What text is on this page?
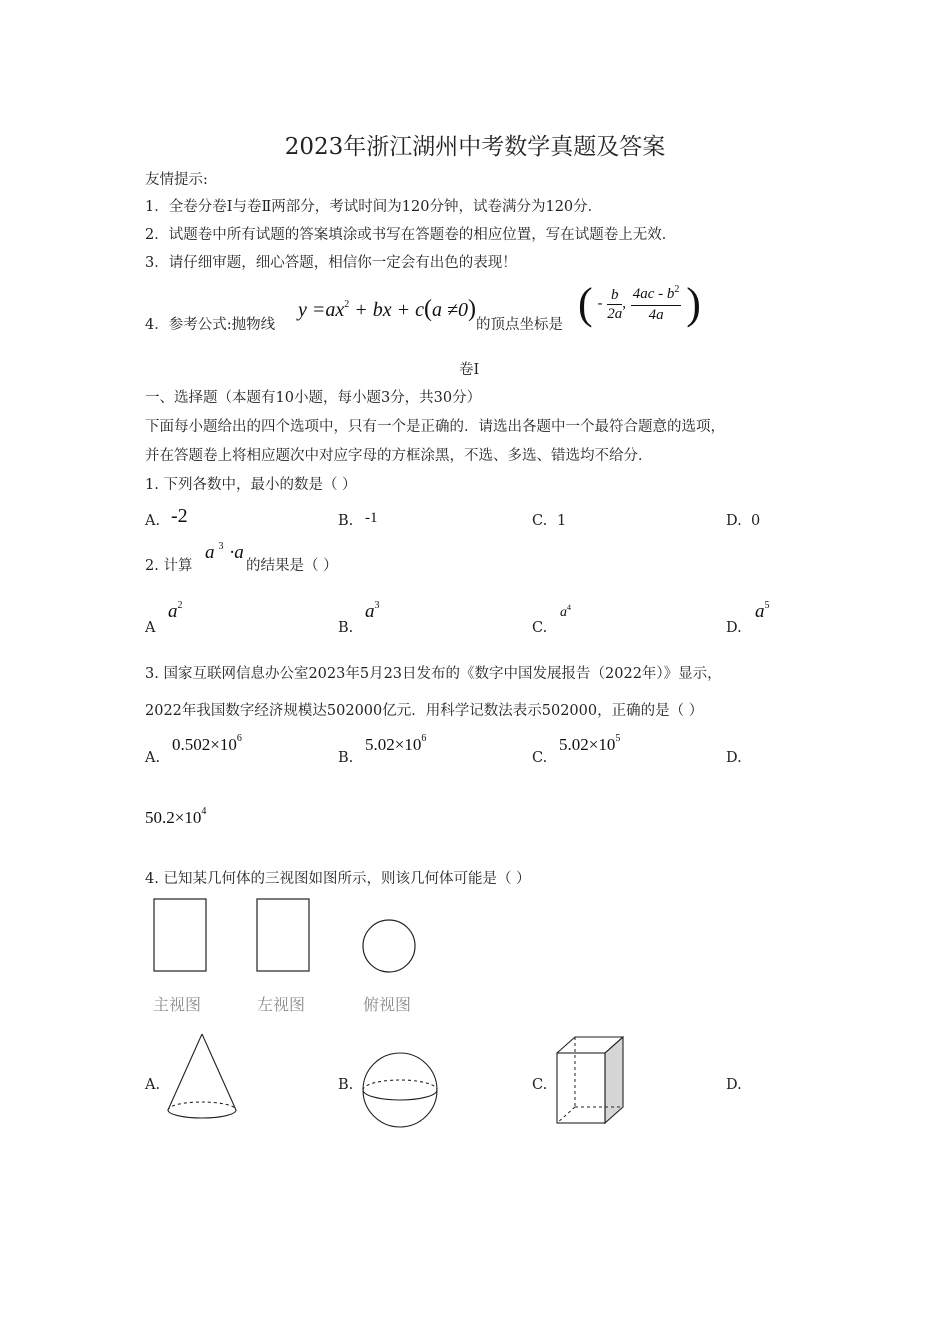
2023年浙江湖州中考数学真题及答案
友情提示:
1．全卷分卷Ⅰ与卷Ⅱ两部分，考试时间为120分钟，试卷满分为120分．
2．试题卷中所有试题的答案填涂或书写在答题卷的相应位置，写在试题卷上无效．
3．请仔细审题，细心答题，相信你一定会有出色的表现！
4．参考公式:抛物线
$y =ax^2$ + bx + c(a ≠0)
的顶点坐标是 ( - $\frac{b}{2a}$ , $\frac{4ac - b^2}{4a}$ )
卷Ⅰ
一、选择题（本题有10小题，每小题3分，共30分）
下面每小题给出的四个选项中，只有一个是正确的．请选出各题中一个最符合题意的选项，
并在答题卷上将相应题次中对应字母的方框涂黑，不选、多选、错选均不给分．
1. 下列各数中，最小的数是（ ）
A. -2	B. -1	C. 1	D. 0
2. 计算
a $^3$ ·a
的结果是（ ）
A
$a^2$
B.
$a^3$
C.
$a^4$
D.
$a^5$
3. 国家互联网信息办公室2023年5月23日发布的《数字中国发展报告（2022年）》显示，
2022年我国数字经济规模达502000亿元．用科学记数法表示502000，正确的是（ ）
A.
$0.502\times 10^6$
B.
$5.02\times 10^6$
C.
$5.02\times 10^5$
D.
$50.2\times 10^4$
4. 已知某几何体的三视图如图所示，则该几何体可能是（ ）
主视图	左视图	俯视图
A.	B.	C.	D.
